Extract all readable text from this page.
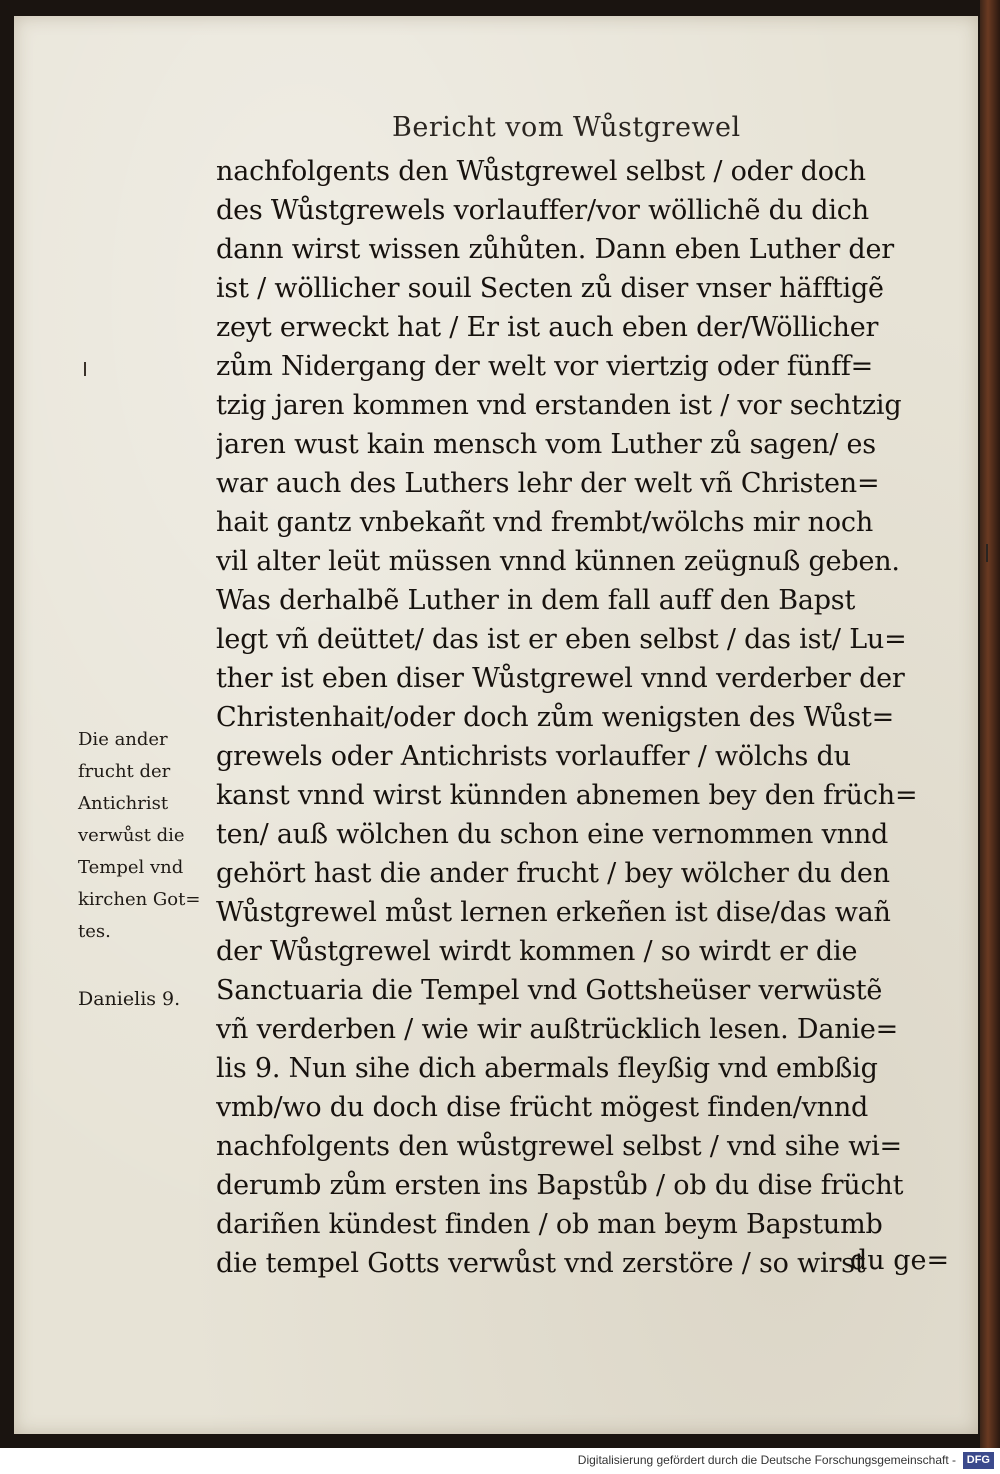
Bericht vom Wůstgrewel
nachfolgents den Wůstgrewel selbst / oder doch
des Wůstgrewels vorlauffer/vor wöllichẽ du dich
dann wirst wissen zůhůten. Dann eben Luther der
ist / wöllicher souil Secten zů diser vnser häfftigẽ
zeyt erweckt hat / Er ist auch eben der/Wöllicher
zům Nidergang der welt vor viertzig oder fünff=
tzig jaren kommen vnd erstanden ist / vor sechtzig
jaren wust kain mensch vom Luther zů sagen/ es
war auch des Luthers lehr der welt vñ Christen=
hait gantz vnbekañt vnd frembt/wölchs mir noch
vil alter leüt müssen vnnd künnen zeügnuß geben.
Was derhalbẽ Luther in dem fall auff den Bapst
legt vñ deüttet/ das ist er eben selbst / das ist/ Lu=
ther ist eben diser Wůstgrewel vnnd verderber der
Christenhait/oder doch zům wenigsten des Wůst=
grewels oder Antichrists vorlauffer / wölchs du
kanst vnnd wirst künnden abnemen bey den früch=
ten/ auß wölchen du schon eine vernommen vnnd
gehört hast die ander frucht / bey wölcher du den
Wůstgrewel můst lernen erkeñen ist dise/das wañ
der Wůstgrewel wirdt kommen / so wirdt er die
Sanctuaria die Tempel vnd Gottsheüser verwüstẽ
vñ verderben / wie wir außtrücklich lesen. Danie=
lis 9. Nun sihe dich abermals fleyßig vnd embßig
vmb/wo du doch dise frücht mögest finden/vnnd
nachfolgents den wůstgrewel selbst / vnd sihe wi=
derumb zům ersten ins Bapstůb / ob du dise frücht
dariñen kündest finden / ob man beym Bapstumb
die tempel Gotts verwůst vnd zerstöre / so wirst
Die ander
frucht der
Antichrist
verwůst die
Tempel vnd
kirchen Got=
tes.
Danielis 9.
du ge=
Digitalisierung gefördert durch die Deutsche Forschungsgemeinschaft - DFG
